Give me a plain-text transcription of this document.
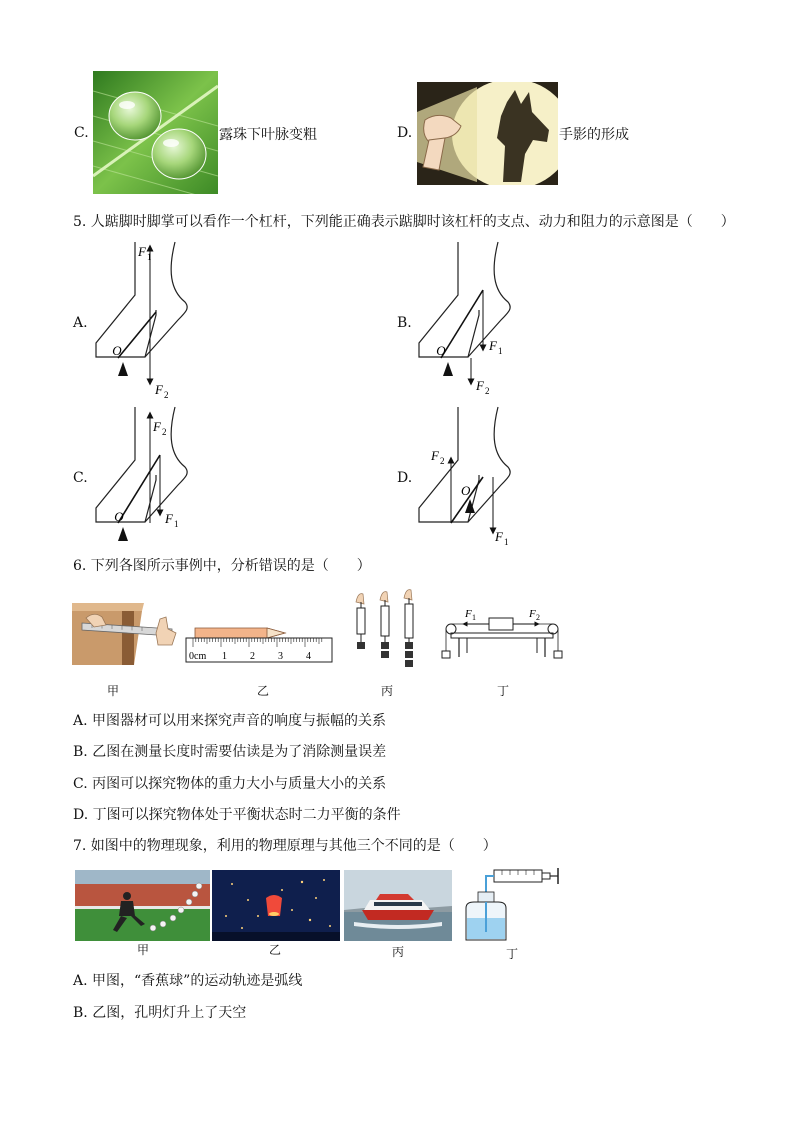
C.	露珠下叶脉变粗	D.	手影的形成
5. 人踮脚时脚掌可以看作一个杠杆，下列能正确表示踮脚时该杠杆的支点、动力和阻力的示意图是（　　）
A.
F 1
O
F 2
B.
O	F 1
F 2
C.
F 2
O	F 1
D.
F 2
O
F 1
6. 下列各图所示事例中，分析错误的是（　　）
甲
0cm 1 2 3 4
乙	丙
F 1	F 2
丁
A. 甲图器材可以用来探究声音的响度与振幅的关系
B. 乙图在测量长度时需要估读是为了消除测量误差
C. 丙图可以探究物体的重力大小与质量大小的关系
D. 丁图可以探究物体处于平衡状态时二力平衡的条件
7. 如图中的物理现象，利用的物理原理与其他三个不同的是（　　）
甲	乙	丙	丁
A. 甲图，“香蕉球”的运动轨迹是弧线
B. 乙图，孔明灯升上了天空
